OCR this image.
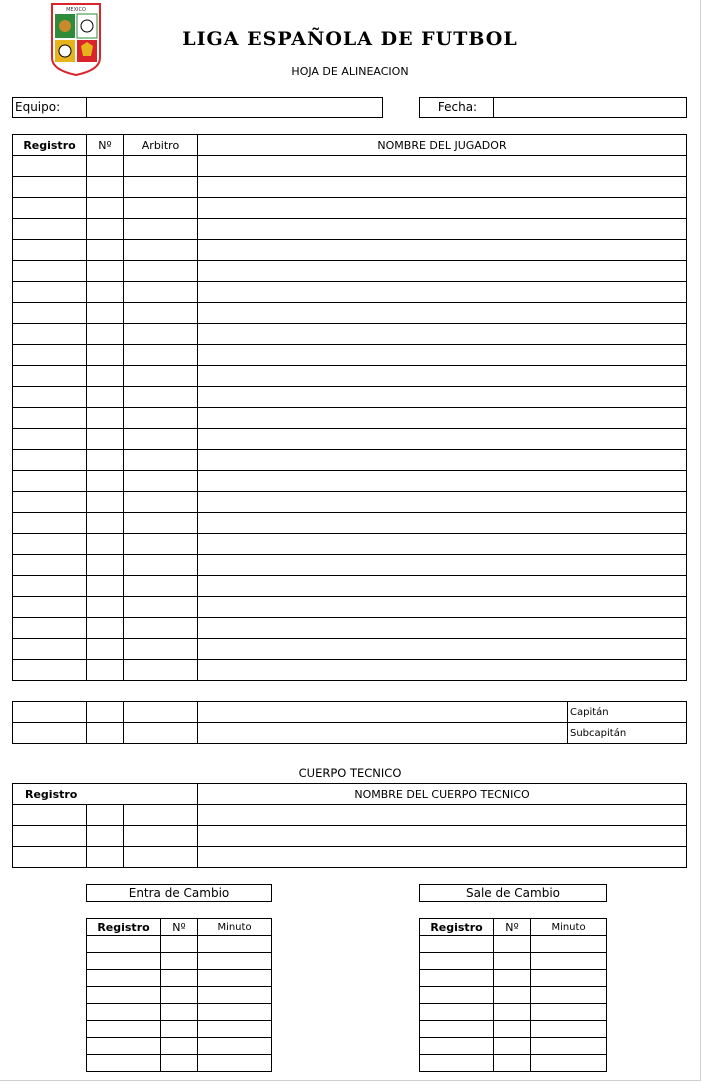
MEXICO
LIGA ESPAÑOLA DE FUTBOL
HOJA DE ALINEACION
Equipo:	Fecha:
Registro	Nº	Arbitro	NOMBRE DEL JUGADOR

				Capitán
				Subcapitán
CUERPO TECNICO
Registro			NOMBRE DEL CUERPO TECNICO

Entra de Cambio
Registro	Nº	Minuto

Sale de Cambio
Registro	Nº	Minuto
